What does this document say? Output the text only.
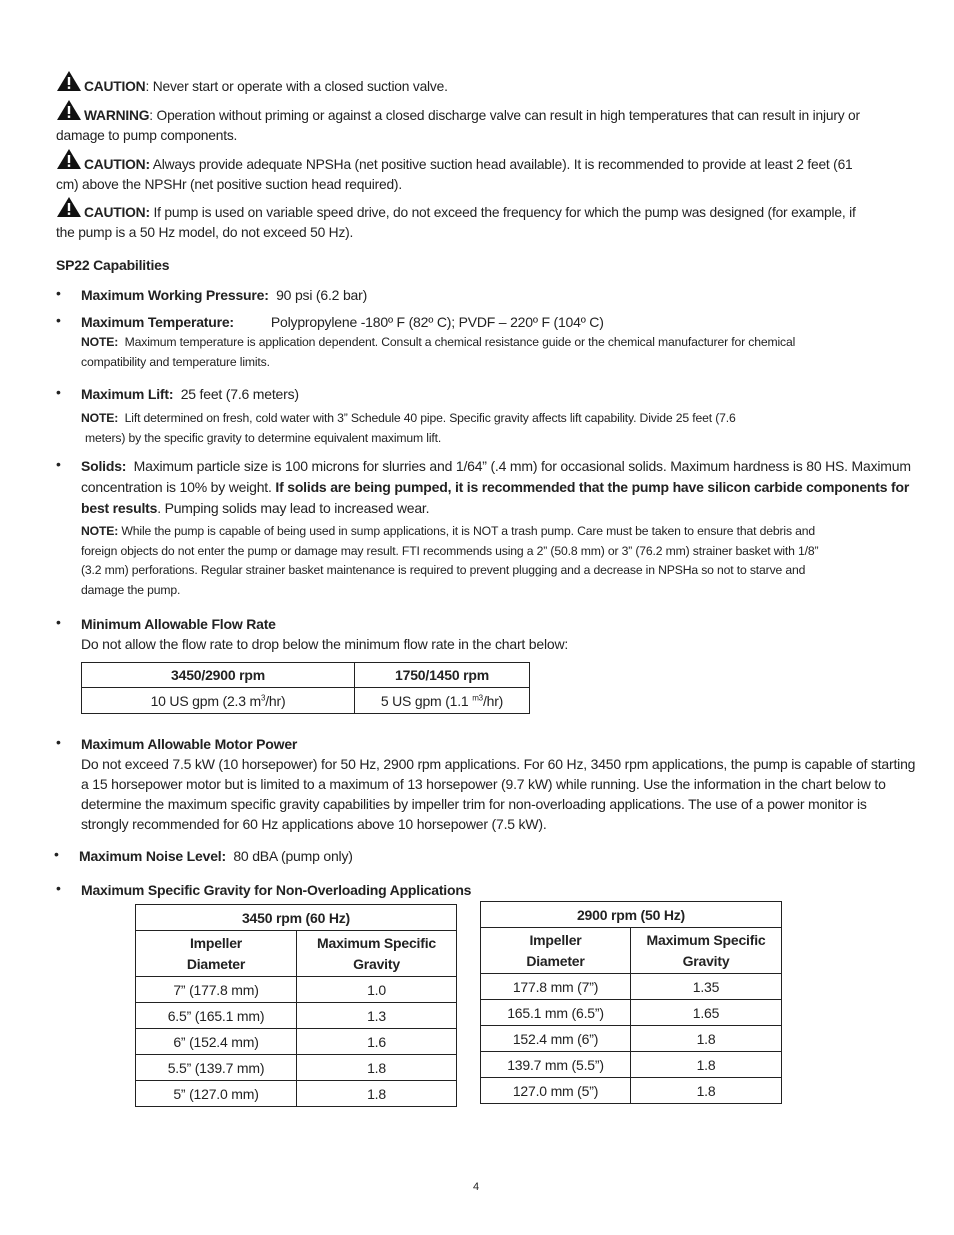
CAUTION: Never start or operate with a closed suction valve.
WARNING: Operation without priming or against a closed discharge valve can result in high temperatures that can result in injury or damage to pump components.
CAUTION: Always provide adequate NPSHa (net positive suction head available). It is recommended to provide at least 2 feet (61 cm) above the NPSHr (net positive suction head required).
CAUTION: If pump is used on variable speed drive, do not exceed the frequency for which the pump was designed (for example, if the pump is a 50 Hz model, do not exceed 50 Hz).
SP22 Capabilities
• Maximum Working Pressure: 90 psi (6.2 bar)
• Maximum Temperature:	Polypropylene -180º F (82º C); PVDF – 220º F (104º C)
NOTE: Maximum temperature is application dependent. Consult a chemical resistance guide or the chemical manufacturer for chemical compatibility and temperature limits.
• Maximum Lift: 25 feet (7.6 meters)
NOTE: Lift determined on fresh, cold water with 3” Schedule 40 pipe. Specific gravity affects lift capability. Divide 25 feet (7.6
meters) by the specific gravity to determine equivalent maximum lift.
• Solids: Maximum particle size is 100 microns for slurries and 1/64” (.4 mm) for occasional solids. Maximum hardness is 80 HS. Maximum concentration is 10% by weight. If solids are being pumped, it is recommended that the pump have silicon carbide components for best results. Pumping solids may lead to increased wear.
NOTE: While the pump is capable of being used in sump applications, it is NOT a trash pump. Care must be taken to ensure that debris and foreign objects do not enter the pump or damage may result. FTI recommends using a 2” (50.8 mm) or 3” (76.2 mm) strainer basket with 1/8” (3.2 mm) perforations. Regular strainer basket maintenance is required to prevent plugging and a decrease in NPSHa so not to starve and damage the pump.
• Minimum Allowable Flow Rate
Do not allow the flow rate to drop below the minimum flow rate in the chart below:
3450/2900 rpm	1750/1450 rpm
10 US gpm (2.3 $m^3/hr$)	5 US gpm (1.1 $^{m3}$/hr)
• Maximum Allowable Motor Power
Do not exceed 7.5 kW (10 horsepower) for 50 Hz, 2900 rpm applications. For 60 Hz, 3450 rpm applications, the pump is capable of starting a 15 horsepower motor but is limited to a maximum of 13 horsepower (9.7 kW) while running. Use the information in the chart below to determine the maximum specific gravity capabilities by impeller trim for non-overloading applications. The use of a power monitor is strongly recommended for 60 Hz applications above 10 horsepower (7.5 kW).
• Maximum Noise Level: 80 dBA (pump only)
• Maximum Specific Gravity for Non-Overloading Applications
3450 rpm (60 Hz)	
Impeller
Diameter	Maximum Specific
Gravity
7” (177.8 mm)	1.0
6.5” (165.1 mm)	1.3
6” (152.4 mm)	1.6
5.5” (139.7 mm)	1.8
5” (127.0 mm)	1.8
2900 rpm (50 Hz)	
Impeller
Diameter	Maximum Specific
Gravity
177.8 mm (7”)	1.35
165.1 mm (6.5”)	1.65
152.4 mm (6”)	1.8
139.7 mm (5.5”)	1.8
127.0 mm (5”)	1.8
4
